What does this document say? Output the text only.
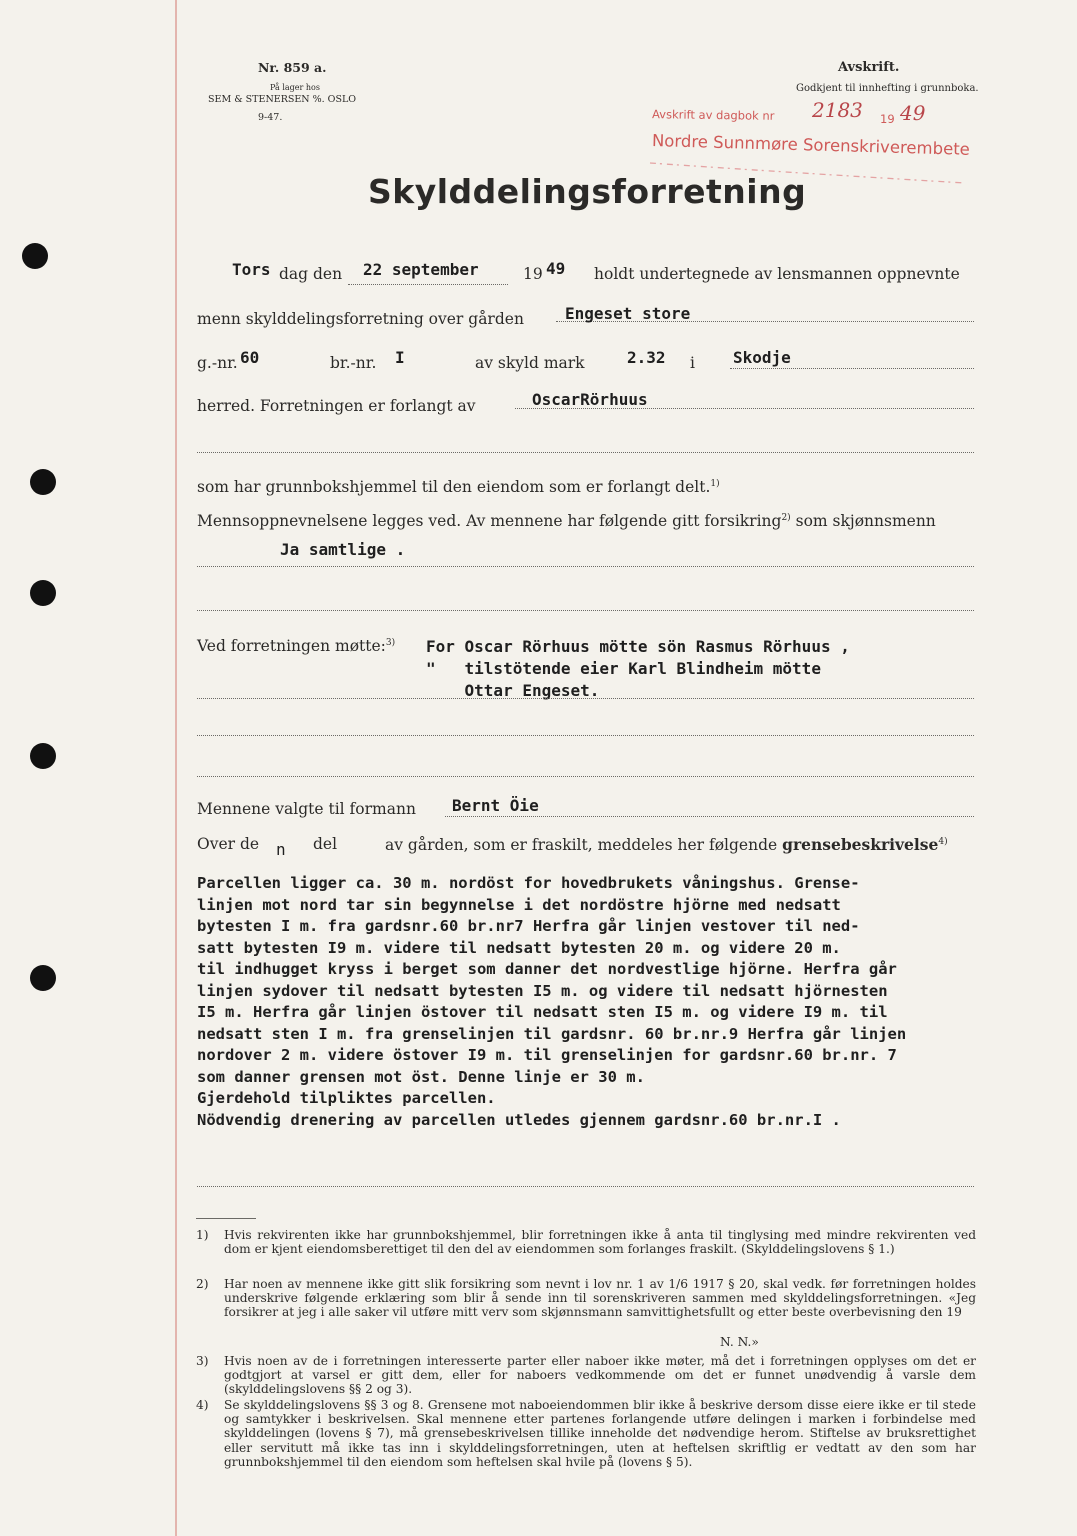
Nr. 859 a.
På lager hos
SEM & STENERSEN %. OSLO
9-47.
Avskrift.
Godkjent til innhefting i grunnboka.
Avskrift av dagbok nr 2183 19 49
Nordre Sunnmøre Sorenskriverembete
Skylddelingsforretning
Tors dag den 22 september	19 49 holdt undertegnede av lensmannen oppnevnte
menn skylddelingsforretning over gården	Engeset store
g.-nr. 60	br.-nr. I	av skyld mark	2.32 i Skodje
herred. Forretningen er forlangt av	OscarRörhuus
som har grunnbokshjemmel til den eiendom som er forlangt delt.$^{1)}$
Mennsoppnevnelsene legges ved. Av mennene har følgende gitt forsikring$^{2)}$ som skjønnsmenn
Ja samtlige .
Ved forretningen møtte:$^{3)}$ For Oscar Rörhuus mötte sön Rasmus Rörhuus ,
"   tilstötende eier Karl Blindheim mötte
Ottar Engeset.
Mennene valgte til formann Bernt Öie
Over de n del	av gården, som er fraskilt, meddeles her følgende grensebeskrivelse$^{4)}$
Parcellen ligger ca. 30 m. nordöst for hovedbrukets våningshus. Grense-
linjen mot nord tar sin begynnelse i det nordöstre hjörne med nedsatt
bytesten I m. fra gardsnr.60 br.nr7 Herfra går linjen vestover til ned-
satt bytesten I9 m. videre til nedsatt bytesten 20 m. og videre 20 m.
til indhugget kryss i berget som danner det nordvestlige hjörne. Herfra går
linjen sydover til nedsatt bytesten I5 m. og videre til nedsatt hjörnesten
I5 m. Herfra går linjen östover til nedsatt sten I5 m. og videre I9 m. til
nedsatt sten I m. fra grenselinjen til gardsnr. 60 br.nr.9 Herfra går linjen
nordover 2 m. videre östover I9 m. til grenselinjen for gardsnr.60 br.nr. 7
som danner grensen mot öst. Denne linje er 30 m.
Gjerdehold tilpliktes parcellen.
Nödvendig drenering av parcellen utledes gjennem gardsnr.60 br.nr.I .
1) Hvis rekvirenten ikke har grunnbokshjemmel, blir forretningen ikke å anta til tinglysing med mindre rekvirenten ved dom er kjent eiendomsberettiget til den del av eiendommen som forlanges fraskilt. (Skylddelingslovens § 1.)
2) Har noen av mennene ikke gitt slik forsikring som nevnt i lov nr. 1 av 1/6 1917 § 20, skal vedk. før forretningen holdes underskrive følgende erklæring som blir å sende inn til sorenskriveren sammen med skylddelingsforretningen. «Jeg forsikrer at jeg i alle saker vil utføre mitt verv som skjønnsmann samvittighetsfullt og etter beste overbevisning den 19
N. N.»
3) Hvis noen av de i forretningen interesserte parter eller naboer ikke møter, må det i forretningen opplyses om det er godtgjort at varsel er gitt dem, eller for naboers vedkommende om det er funnet unødvendig å varsle dem (skylddelingslovens §§ 2 og 3).
4) Se skylddelingslovens §§ 3 og 8. Grensene mot naboeiendommen blir ikke å beskrive dersom disse eiere ikke er til stede og samtykker i beskrivelsen. Skal mennene etter partenes forlangende utføre delingen i marken i forbindelse med skylddelingen (lovens § 7), må grensebeskrivelsen tillike inneholde det nødvendige herom. Stiftelse av bruksrettighet eller servitutt må ikke tas inn i skylddelingsforretningen, uten at heftelsen skriftlig er vedtatt av den som har grunnbokshjemmel til den eiendom som heftelsen skal hvile på (lovens § 5).
